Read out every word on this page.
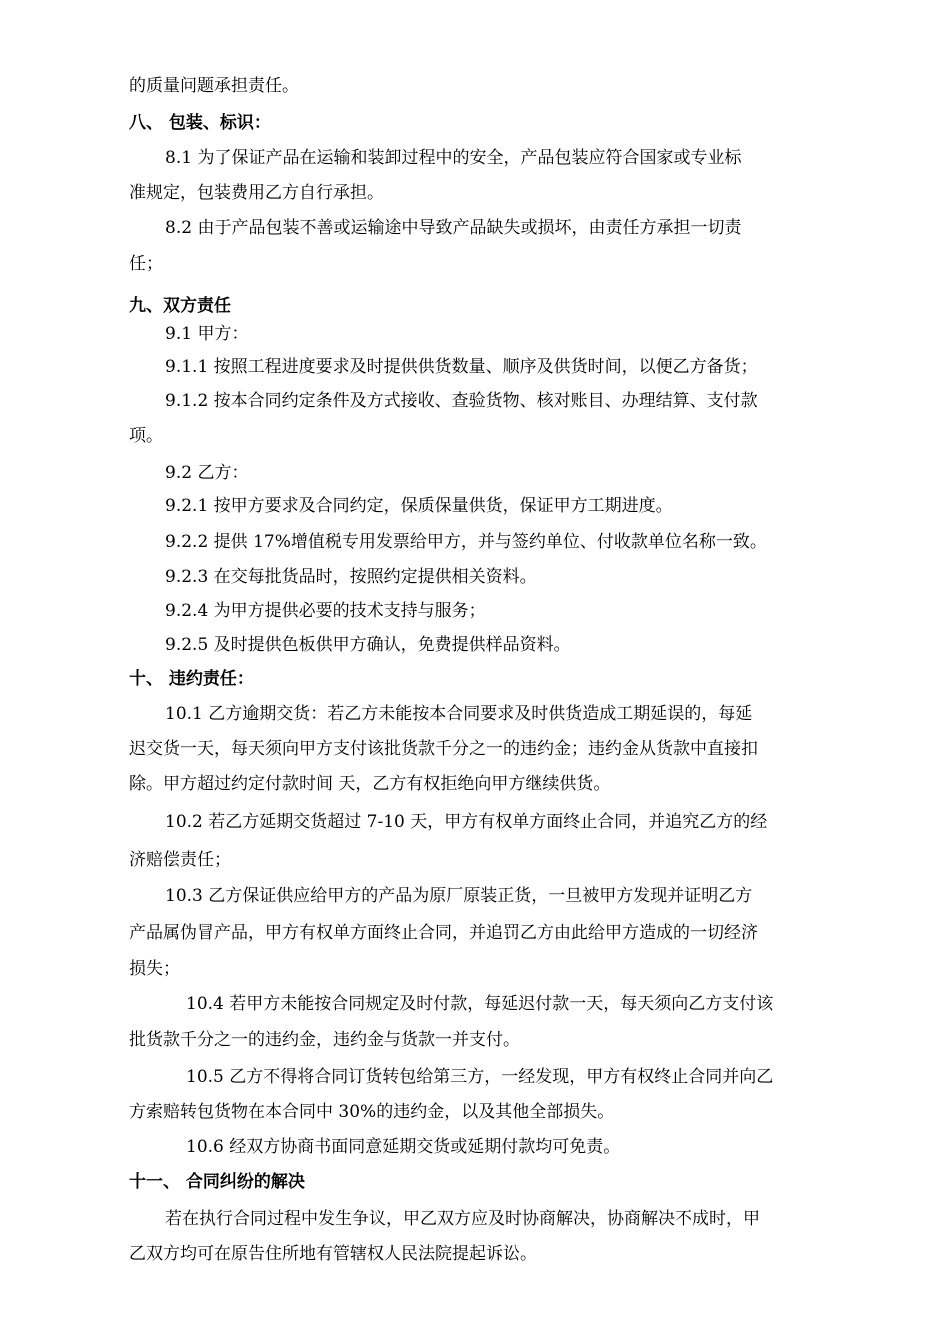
的质量问题承担责任。
八、 包装、标识：
8.1 为了保证产品在运输和装卸过程中的安全，产品包装应符合国家或专业标
准规定，包装费用乙方自行承担。
8.2 由于产品包装不善或运输途中导致产品缺失或损坏，由责任方承担一切责
任；
九、双方责任
9.1 甲方：
9.1.1 按照工程进度要求及时提供供货数量、顺序及供货时间，以便乙方备货；
9.1.2 按本合同约定条件及方式接收、查验货物、核对账目、办理结算、支付款
项。
9.2 乙方：
9.2.1 按甲方要求及合同约定，保质保量供货，保证甲方工期进度。
9.2.2 提供 17%增值税专用发票给甲方，并与签约单位、付收款单位名称一致。
9.2.3 在交每批货品时，按照约定提供相关资料。
9.2.4 为甲方提供必要的技术支持与服务；
9.2.5 及时提供色板供甲方确认，免费提供样品资料。
十、 违约责任：
10.1 乙方逾期交货：若乙方未能按本合同要求及时供货造成工期延误的，每延
迟交货一天，每天须向甲方支付该批货款千分之一的违约金；违约金从货款中直接扣
除。甲方超过约定付款时间 天，乙方有权拒绝向甲方继续供货。
10.2 若乙方延期交货超过 7-10 天，甲方有权单方面终止合同，并追究乙方的经
济赔偿责任；
10.3 乙方保证供应给甲方的产品为原厂原装正货，一旦被甲方发现并证明乙方
产品属伪冒产品，甲方有权单方面终止合同，并追罚乙方由此给甲方造成的一切经济
损失；
10.4 若甲方未能按合同规定及时付款，每延迟付款一天，每天须向乙方支付该
批货款千分之一的违约金，违约金与货款一并支付。
10.5 乙方不得将合同订货转包给第三方，一经发现，甲方有权终止合同并向乙
方索赔转包货物在本合同中 30%的违约金，以及其他全部损失。
10.6 经双方协商书面同意延期交货或延期付款均可免责。
十一、 合同纠纷的解决
若在执行合同过程中发生争议，甲乙双方应及时协商解决，协商解决不成时，甲
乙双方均可在原告住所地有管辖权人民法院提起诉讼。
